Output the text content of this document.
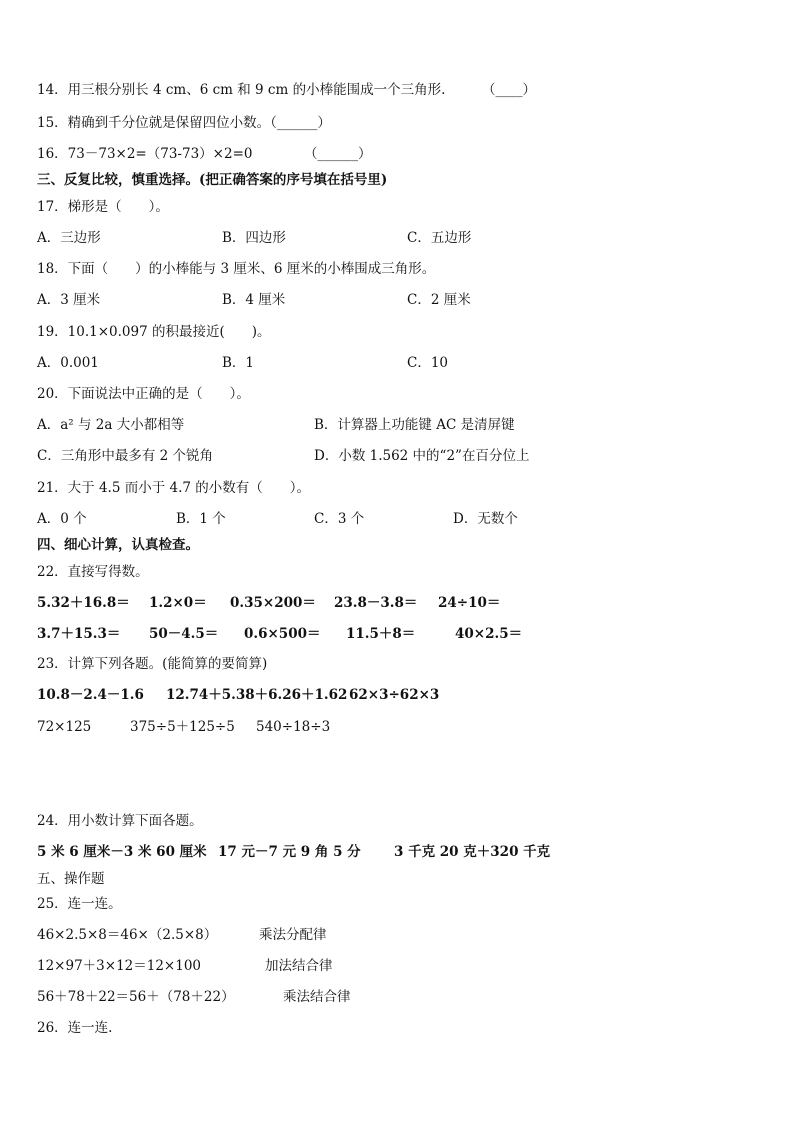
14．用三根分别长 4 cm、6 cm 和 9 cm 的小棒能围成一个三角形.	（____）
15．精确到千分位就是保留四位小数。（______）
16．73－73×2=（73-73）×2=0	（______）
三、反复比较，慎重选择。(把正确答案的序号填在括号里)
17．梯形是（　　）。
A．三边形	B．四边形	C．五边形
18．下面（　　）的小棒能与 3 厘米、6 厘米的小棒围成三角形。
A．3 厘米	B．4 厘米	C．2 厘米
19．10.1×0.097 的积最接近(　　)。
A．0.001	B．1	C．10
20．下面说法中正确的是（　　）。
A．a² 与 2a 大小都相等	B．计算器上功能键 AC 是清屏键
C．三角形中最多有 2 个锐角	D．小数 1.562 中的“2”在百分位上
21．大于 4.5 而小于 4.7 的小数有（　　）。
A．0 个	B．1 个	C．3 个	D．无数个
四、细心计算，认真检查。
22．直接写得数。
5.32＋16.8＝ 1.2×0＝ 0.35×200＝ 23.8－3.8＝ 24÷10＝
3.7＋15.3＝ 50－4.5＝ 0.6×500＝ 11.5＋8＝	40×2.5＝
23．计算下列各题。(能简算的要简算)
10.8－2.4－1.6 12.74＋5.38＋6.26＋1.62 62×3÷62×3
72×125	375÷5＋125÷5 540÷18÷3
24．用小数计算下面各题。
5 米 6 厘米－3 米 60 厘米 17 元－7 元 9 角 5 分 3 千克 20 克＋320 千克
五、操作题
25．连一连。
46×2.5×8＝46×（2.5×8）	乘法分配律
12×97＋3×12＝12×100	加法结合律
56＋78＋22＝56＋（78＋22）	乘法结合律
26．连一连.
